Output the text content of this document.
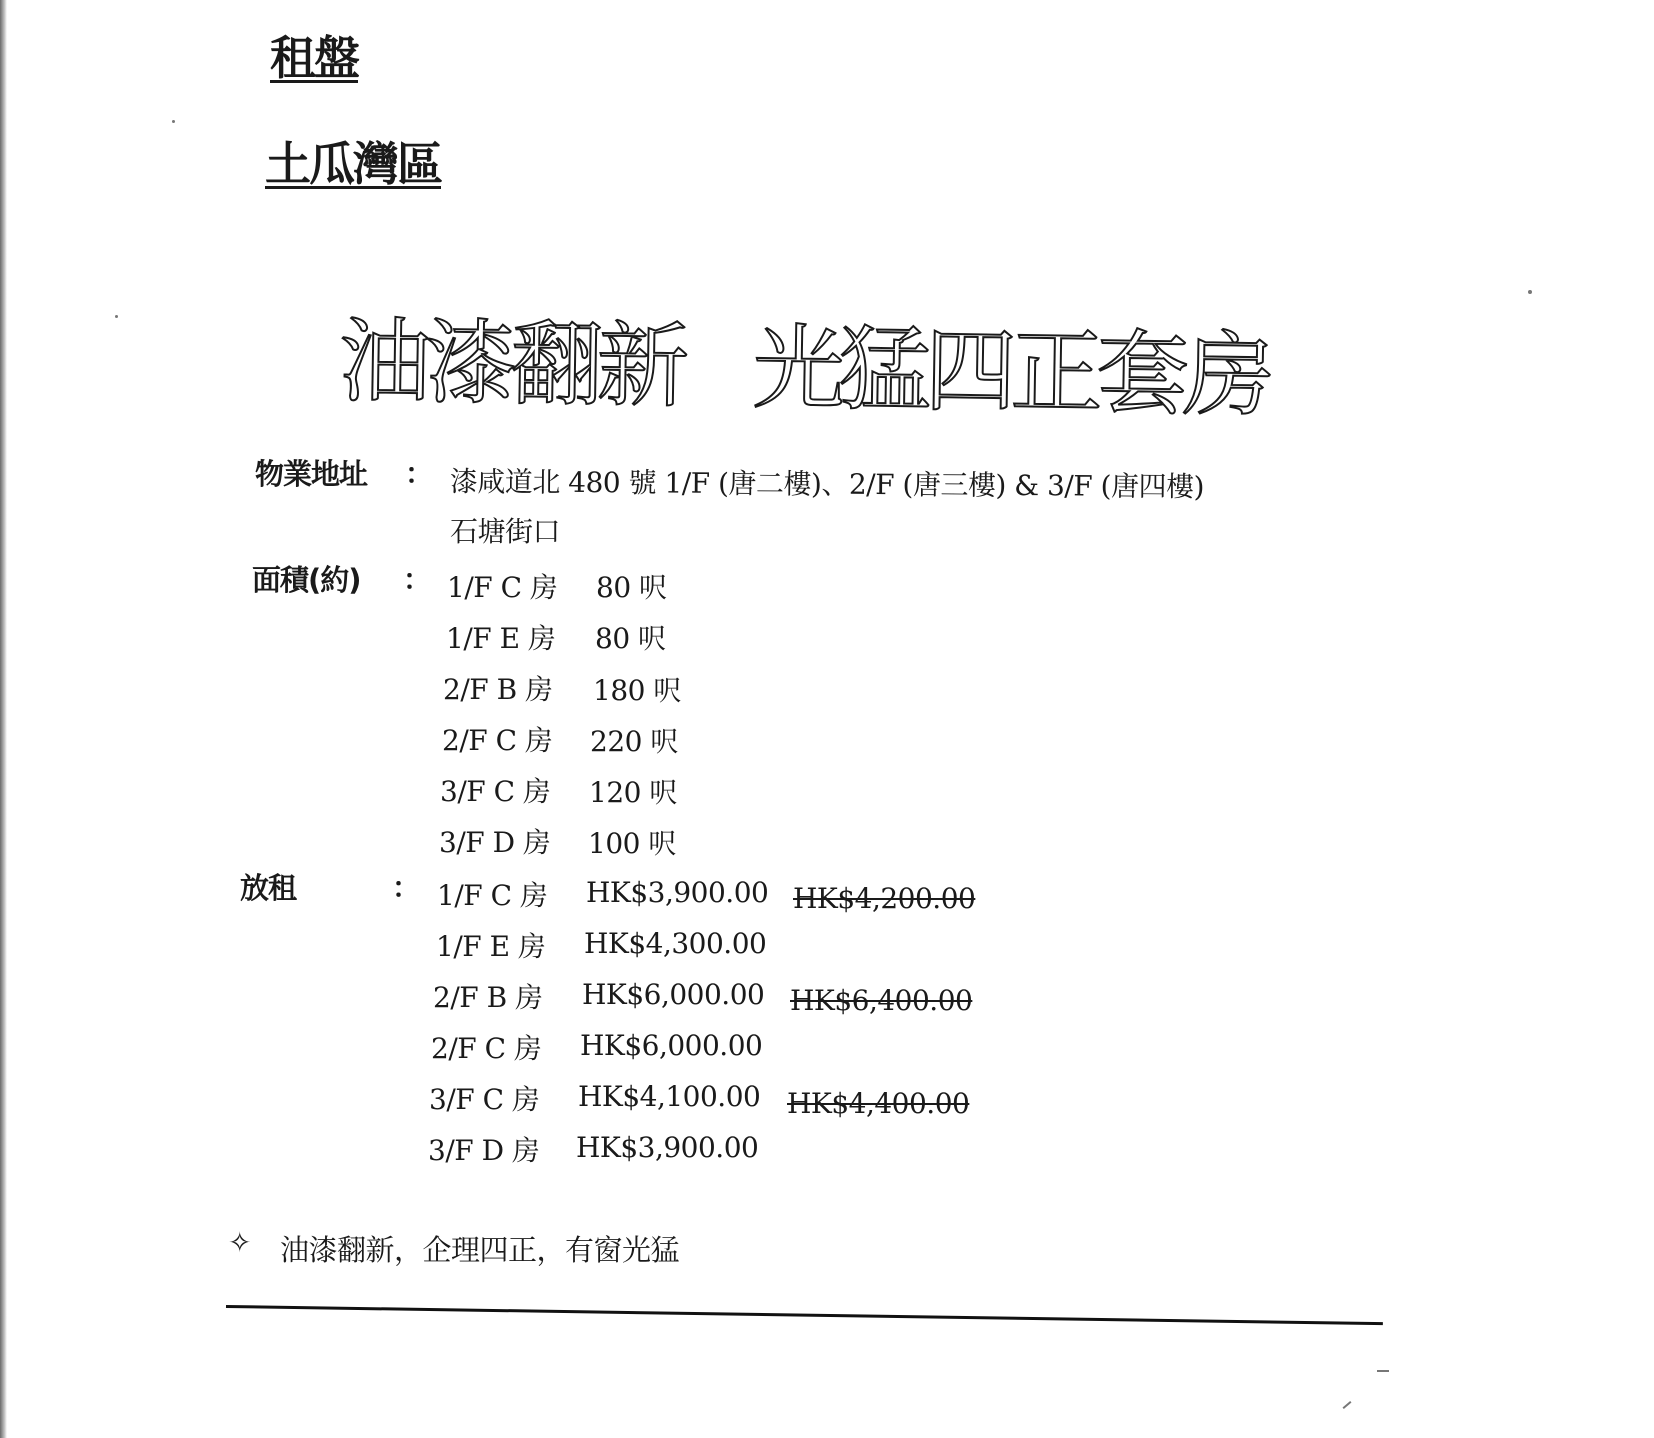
租盤
土瓜灣區
油漆翻新 光猛四正套房
物業地址 ： 漆咸道北 480 號 1/F (唐二樓)、2/F (唐三樓) & 3/F (唐四樓)
石塘街口
面積(約) ： 1/F C 房	80 呎
1/F E 房	80 呎
2/F B 房	180 呎
2/F C 房	220 呎
3/F C 房	120 呎
3/F D 房	100 呎
放租	： 1/F C 房	HK$3,900.00 HK$4,200.00
1/F E 房	HK$4,300.00
2/F B 房	HK$6,000.00 HK$6,400.00
2/F C 房	HK$6,000.00
3/F C 房	HK$4,100.00 HK$4,400.00
3/F D 房	HK$3,900.00
✧ 油漆翻新，企理四正，有窗光猛
